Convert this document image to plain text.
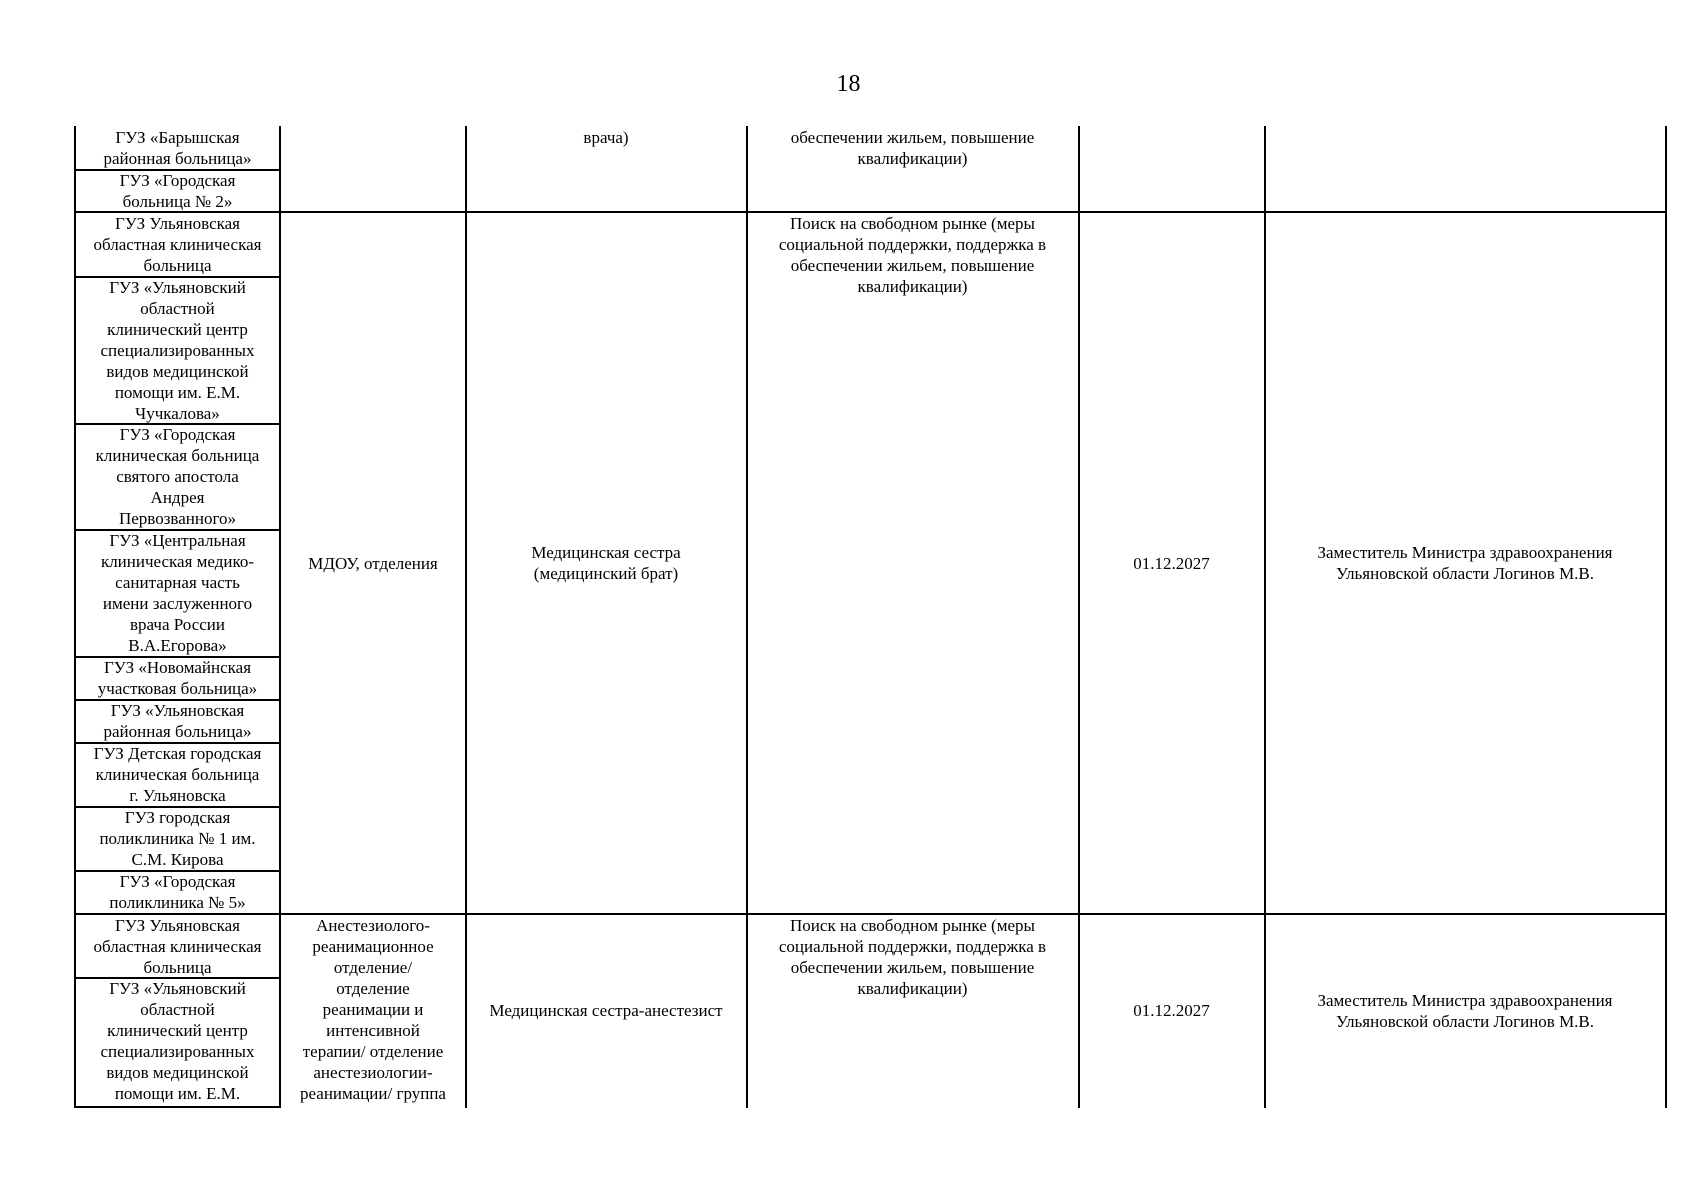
18
ГУЗ «Барышская
районная больница»
ГУЗ «Городская
больница № 2»
врача)	обеспечении жильем, повышение
квалификации)
ГУЗ Ульяновская
областная клиническая
больница
ГУЗ «Ульяновский
областной
клинический центр
специализированных
видов медицинской
помощи им. Е.М.
Чучкалова»
ГУЗ «Городская
клиническая больница
святого апостола
Андрея
Первозванного»
ГУЗ «Центральная
клиническая медико-
санитарная часть
имени заслуженного
врача России
В.А.Егорова»
ГУЗ «Новомайнская
участковая больница»
ГУЗ «Ульяновская
районная больница»
ГУЗ Детская городская
клиническая больница
г. Ульяновска
ГУЗ городская
поликлиника № 1 им.
С.М. Кирова
ГУЗ «Городская
поликлиника № 5»
МДОУ, отделения
Медицинская сестра
(медицинский брат)
Поиск на свободном рынке (меры
социальной поддержки, поддержка в
обеспечении жильем, повышение
квалификации)
01.12.2027
Заместитель Министра здравоохранения
Ульяновской области Логинов М.В.
ГУЗ Ульяновская
областная клиническая
больница
ГУЗ «Ульяновский
областной
клинический центр
специализированных
видов медицинской
помощи им. Е.М.
Анестезиолого-
реанимационное
отделение/
отделение
реанимации и
интенсивной
терапии/ отделение
анестезиологии-
реанимации/ группа
Медицинская сестра-анестезист
Поиск на свободном рынке (меры
социальной поддержки, поддержка в
обеспечении жильем, повышение
квалификации)
01.12.2027
Заместитель Министра здравоохранения
Ульяновской области Логинов М.В.
